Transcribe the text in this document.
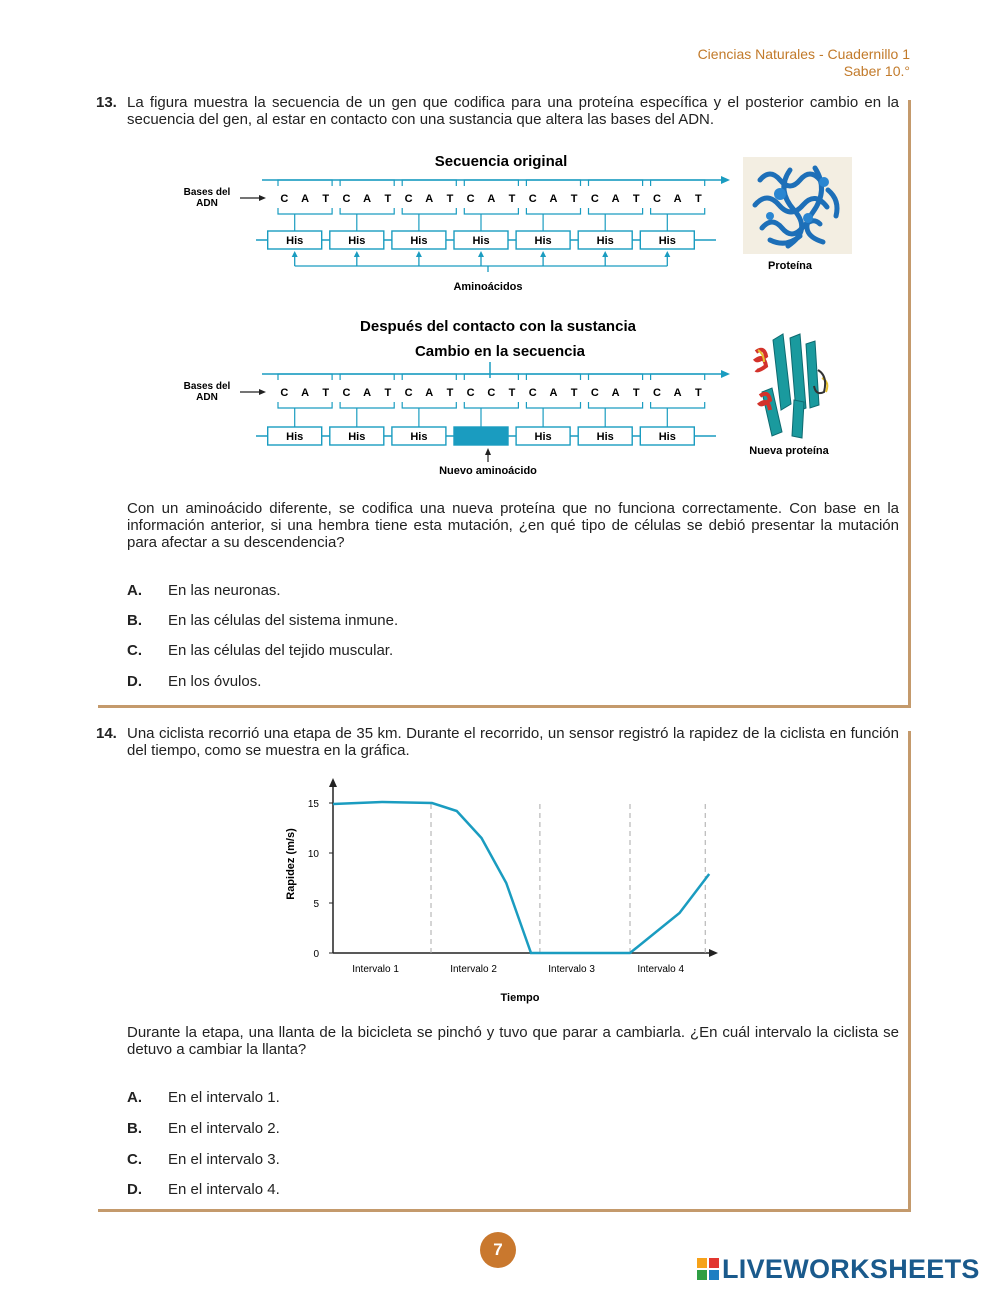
Ciencias Naturales - Cuadernillo 1
Saber 10.°
13. La figura muestra la secuencia de un gen que codifica para una proteína específica y el posterior cambio en la secuencia del gen, al estar en contacto con una sustancia que altera las bases del ADN.
Secuencia original
Bases del ADN	C A T C A T C A T C A T C A T C A T C A T
His	His	His	His	His	His	His
Aminoácidos
Después del contacto con la sustancia
Cambio en la secuencia
Bases del ADN	C A T C A T C A T C C T C A T C A T C A T
His	His	His	His	His	His
Nuevo aminoácido
Proteína
Nueva proteína
Con un aminoácido diferente, se codifica una nueva proteína que no funciona correctamente. Con base en la información anterior, si una hembra tiene esta mutación, ¿en qué tipo de células se debió presentar la mutación para afectar a su descendencia?
A. En las neuronas.
B. En las células del sistema inmune.
C. En las células del tejido muscular.
D. En los óvulos.
14. Una ciclista recorrió una etapa de 35 km. Durante el recorrido, un sensor registró la rapidez de la ciclista en función del tiempo, como se muestra en la gráfica.
0
5
10
15
Intervalo 1	Intervalo 2	Intervalo 3	Intervalo 4
Rapidez (m/s)
Tiempo
Durante la etapa, una llanta de la bicicleta se pinchó y tuvo que parar a cambiarla. ¿En cuál intervalo la ciclista se detuvo a cambiar la llanta?
A. En el intervalo 1.
B. En el intervalo 2.
C. En el intervalo 3.
D. En el intervalo 4.
7
LIVEWORKSHEETS
